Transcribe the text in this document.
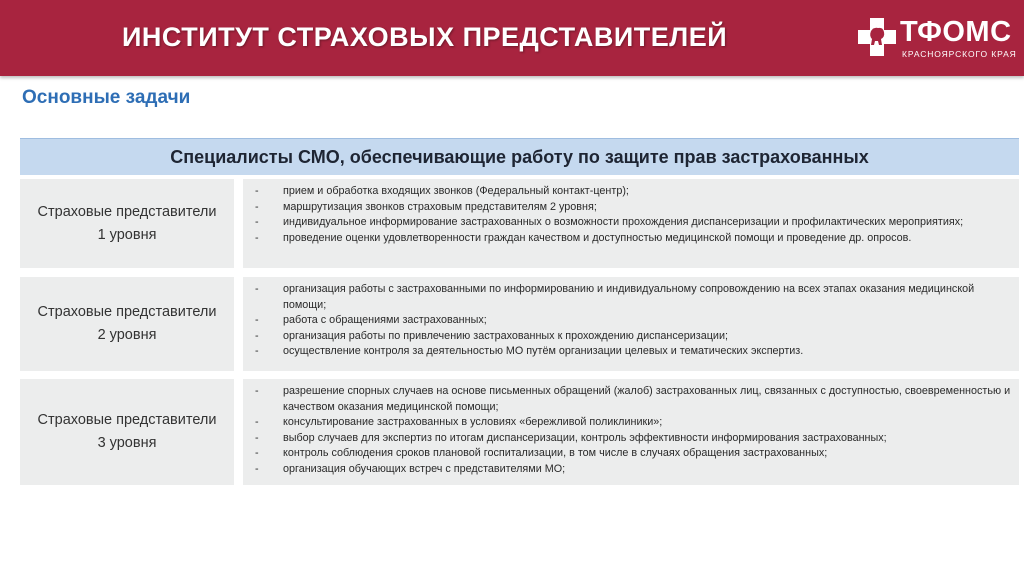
ИНСТИТУТ СТРАХОВЫХ ПРЕДСТАВИТЕЛЕЙ	ТФОМС
КРАСНОЯРСКОГО КРАЯ
Основные задачи
Специалисты СМО, обеспечивающие работу по защите прав застрахованных
Страховые представители
1 уровня
- прием и обработка входящих звонков (Федеральный контакт-центр);
- маршрутизация звонков страховым представителям 2 уровня;
- индивидуальное информирование застрахованных о возможности прохождения диспансеризации и профилактических мероприятиях;
- проведение оценки удовлетворенности граждан качеством и доступностью медицинской помощи и проведение др. опросов.
Страховые представители
2 уровня
- организация работы с застрахованными по информированию и индивидуальному сопровождению на всех этапах оказания медицинской помощи;
- работа с обращениями застрахованных;
- организация работы по привлечению застрахованных к прохождению диспансеризации;
- осуществление контроля за деятельностью МО путём организации целевых и тематических экспертиз.
Страховые представители
3 уровня
- разрешение спорных случаев на основе письменных обращений (жалоб) застрахованных лиц, связанных с доступностью, своевременностью и качеством оказания медицинской помощи;
- консультирование застрахованных в условиях «бережливой поликлиники»;
- выбор случаев для экспертиз по итогам диспансеризации, контроль эффективности информирования застрахованных;
- контроль соблюдения сроков плановой госпитализации, в том числе в случаях обращения застрахованных;
- организация обучающих встреч с представителями МО;
